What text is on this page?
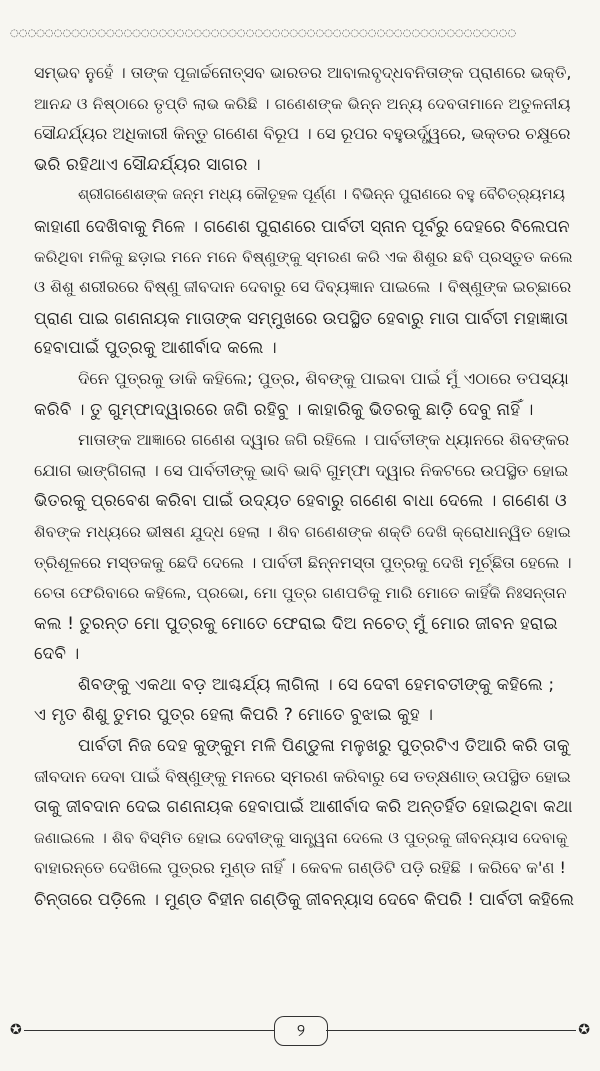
◌◌◌◌◌◌◌◌◌◌◌◌◌◌◌◌◌◌◌◌◌◌◌◌◌◌◌◌◌◌◌◌◌◌◌◌◌◌◌◌◌◌◌◌◌◌◌◌◌◌◌◌◌◌◌◌◌◌
ସମ୍ଭବ ନୁହେଁ । ତାଙ୍କ ପୂଜାର୍ଚ୍ଚନୋତ୍ସବ ଭାରତର ଆବାଲବୃଦ୍ଧବନିତାଙ୍କ ପ୍ରାଣରେ ଭକ୍ତି,
ଆନନ୍ଦ ଓ ନିଷ୍ଠାରେ ତୃପ୍ତି ଲାଭ କରିଛି । ଗଣେଶଙ୍କ ଭିନ୍ନ ଅନ୍ୟ ଦେବତାମାନେ ଅତୁଳନୀୟ
ସୌନ୍ଦର୍ଯ୍ୟର ଅଧିକାରୀ କିନ୍ତୁ ଗଣେଶ ବିରୂପ । ସେ ରୂପର ବହୁଉର୍ଦ୍ଧ୍ୱରେ, ଭକ୍ତର ଚକ୍ଷୁରେ
ଭରି ରହିଥାଏ ସୌନ୍ଦର୍ଯ୍ୟର ସାଗର ।
ଶ୍ରୀଗଣେଶଙ୍କ ଜନ୍ମ ମଧ୍ୟ କୌତୂହଳ ପୂର୍ଣ୍ଣ । ବିଭିନ୍ନ ପୁରାଣରେ ବହୁ ବୈଚିତ୍ର୍ୟମୟ
କାହାଣୀ ଦେଖିବାକୁ ମିଳେ । ଗଣେଶ ପୁରାଣରେ ପାର୍ବତୀ ସ୍ନାନ ପୂର୍ବରୁ ଦେହରେ ବିଲେପନ
କରିଥିବା ମଳିକୁ ଛଡ଼ାଇ ମନେ ମନେ ବିଷ୍ଣୁଙ୍କୁ ସ୍ମରଣ କରି ଏକ ଶିଶୁର ଛବି ପ୍ରସ୍ତୁତ କଲେ
ଓ ଶିଶୁ ଶରୀରରେ ବିଷ୍ଣୁ ଜୀବଦାନ ଦେବାରୁ ସେ ଦିବ୍ୟଜ୍ଞାନ ପାଇଲେ । ବିଷ୍ଣୁଙ୍କ ଇଚ୍ଛାରେ
ପ୍ରାଣ ପାଇ ଗଣନାୟକ ମାତାଙ୍କ ସମ୍ମୁଖରେ ଉପସ୍ଥିତ ହେବାରୁ ମାତା ପାର୍ବତୀ ମହାଜ୍ଞାତା
ହେବାପାଇଁ ପୁତ୍ରକୁ ଆଶୀର୍ବାଦ କଲେ ।
ଦିନେ ପୁତ୍ରକୁ ଡାକି କହିଲେ; ପୁତ୍ର, ଶିବଙ୍କୁ ପାଇବା ପାଇଁ ମୁଁ ଏଠାରେ ତପସ୍ୟା
କରିବି । ତୁ ଗୁମ୍ଫାଦ୍ୱାରରେ ଜଗି ରହିବୁ । କାହାରିକୁ ଭିତରକୁ ଛାଡ଼ି ଦେବୁ ନାହିଁ ।
ମାତାଙ୍କ ଆଜ୍ଞାରେ ଗଣେଶ ଦ୍ୱାର ଜଗି ରହିଲେ । ପାର୍ବତୀଙ୍କ ଧ୍ୟାନରେ ଶିବଙ୍କର
ଯୋଗ ଭାଙ୍ଗିଗଲା । ସେ ପାର୍ବତୀଙ୍କୁ ଭାବି ଭାବି ଗୁମ୍ଫା ଦ୍ୱାର ନିକଟରେ ଉପସ୍ଥିତ ହୋଇ
ଭିତରକୁ ପ୍ରବେଶ କରିବା ପାଇଁ ଉଦ୍ୟତ ହେବାରୁ ଗଣେଶ ବାଧା ଦେଲେ । ଗଣେଶ ଓ
ଶିବଙ୍କ ମଧ୍ୟରେ ଭୀଷଣ ଯୁଦ୍ଧ ହେଲା । ଶିବ ଗଣେଶଙ୍କ ଶକ୍ତି ଦେଖି କ୍ରୋଧାନ୍ୱିତ ହୋଇ
ତ୍ରିଶୂଳରେ ମସ୍ତକକୁ ଛେଦି ଦେଲେ । ପାର୍ବତୀ ଛିନ୍ନମସ୍ତା ପୁତ୍ରକୁ ଦେଖି ମୂର୍ଚ୍ଛିତା ହେଲେ ।
ଚେତା ଫେରିବାରେ କହିଲେ, ପ୍ରଭୋ, ମୋ ପୁତ୍ର ଗଣପତିକୁ ମାରି ମୋତେ କାହିଁକି ନିଃସନ୍ତାନ
କଲ ! ତୁରନ୍ତ ମୋ ପୁତ୍ରକୁ ମୋତେ ଫେରାଇ ଦିଅ ନଚେତ୍ ମୁଁ ମୋର ଜୀବନ ହରାଇ
ଦେବି ।
ଶିବଙ୍କୁ ଏକଥା ବଡ଼ ଆଶ୍ଚର୍ଯ୍ୟ ଲାଗିଲା । ସେ ଦେବୀ ହେମବତୀଙ୍କୁ କହିଲେ ;
ଏ ମୃତ ଶିଶୁ ତୁମର ପୁତ୍ର ହେଲା କିପରି ? ମୋତେ ବୁଝାଇ କୁହ ।
ପାର୍ବତୀ ନିଜ ଦେହ କୁଙ୍କୁମ ମଳି ପିଣ୍ଡୁଳା ମଳୁଖରୁ ପୁତ୍ରଟିଏ ତିଆରି କରି ତାକୁ
ଜୀବଦାନ ଦେବା ପାଇଁ ବିଷ୍ଣୁଙ୍କୁ ମନରେ ସ୍ମରଣ କରିବାରୁ ସେ ତତ୍କ୍ଷଣାତ୍ ଉପସ୍ଥିତ ହୋଇ
ତାକୁ ଜୀବଦାନ ଦେଇ ଗଣନାୟକ ହେବାପାଇଁ ଆଶୀର୍ବାଦ କରି ଅନ୍ତର୍ହିତ ହୋଇଥିବା କଥା
ଜଣାଇଲେ । ଶିବ ବିସ୍ମିତ ହୋଇ ଦେବୀଙ୍କୁ ସାନ୍ତ୍ୱନା ଦେଲେ ଓ ପୁତ୍ରକୁ ଜୀବନ୍ୟାସ ଦେବାକୁ
ବାହାରନ୍ତେ ଦେଖିଲେ ପୁତ୍ରର ମୁଣ୍ଡ ନାହିଁ । କେବଳ ଗଣ୍ଡିଟି ପଡ଼ି ରହିଛି । କରିବେ କ'ଣ !
ଚିନ୍ତାରେ ପଡ଼ିଲେ । ମୁଣ୍ଡ ବିହୀନ ଗଣ୍ଡିକୁ ଜୀବନ୍ୟାସ ଦେବେ କିପରି ! ପାର୍ବତୀ କହିଲେ
✪	୨	✪
